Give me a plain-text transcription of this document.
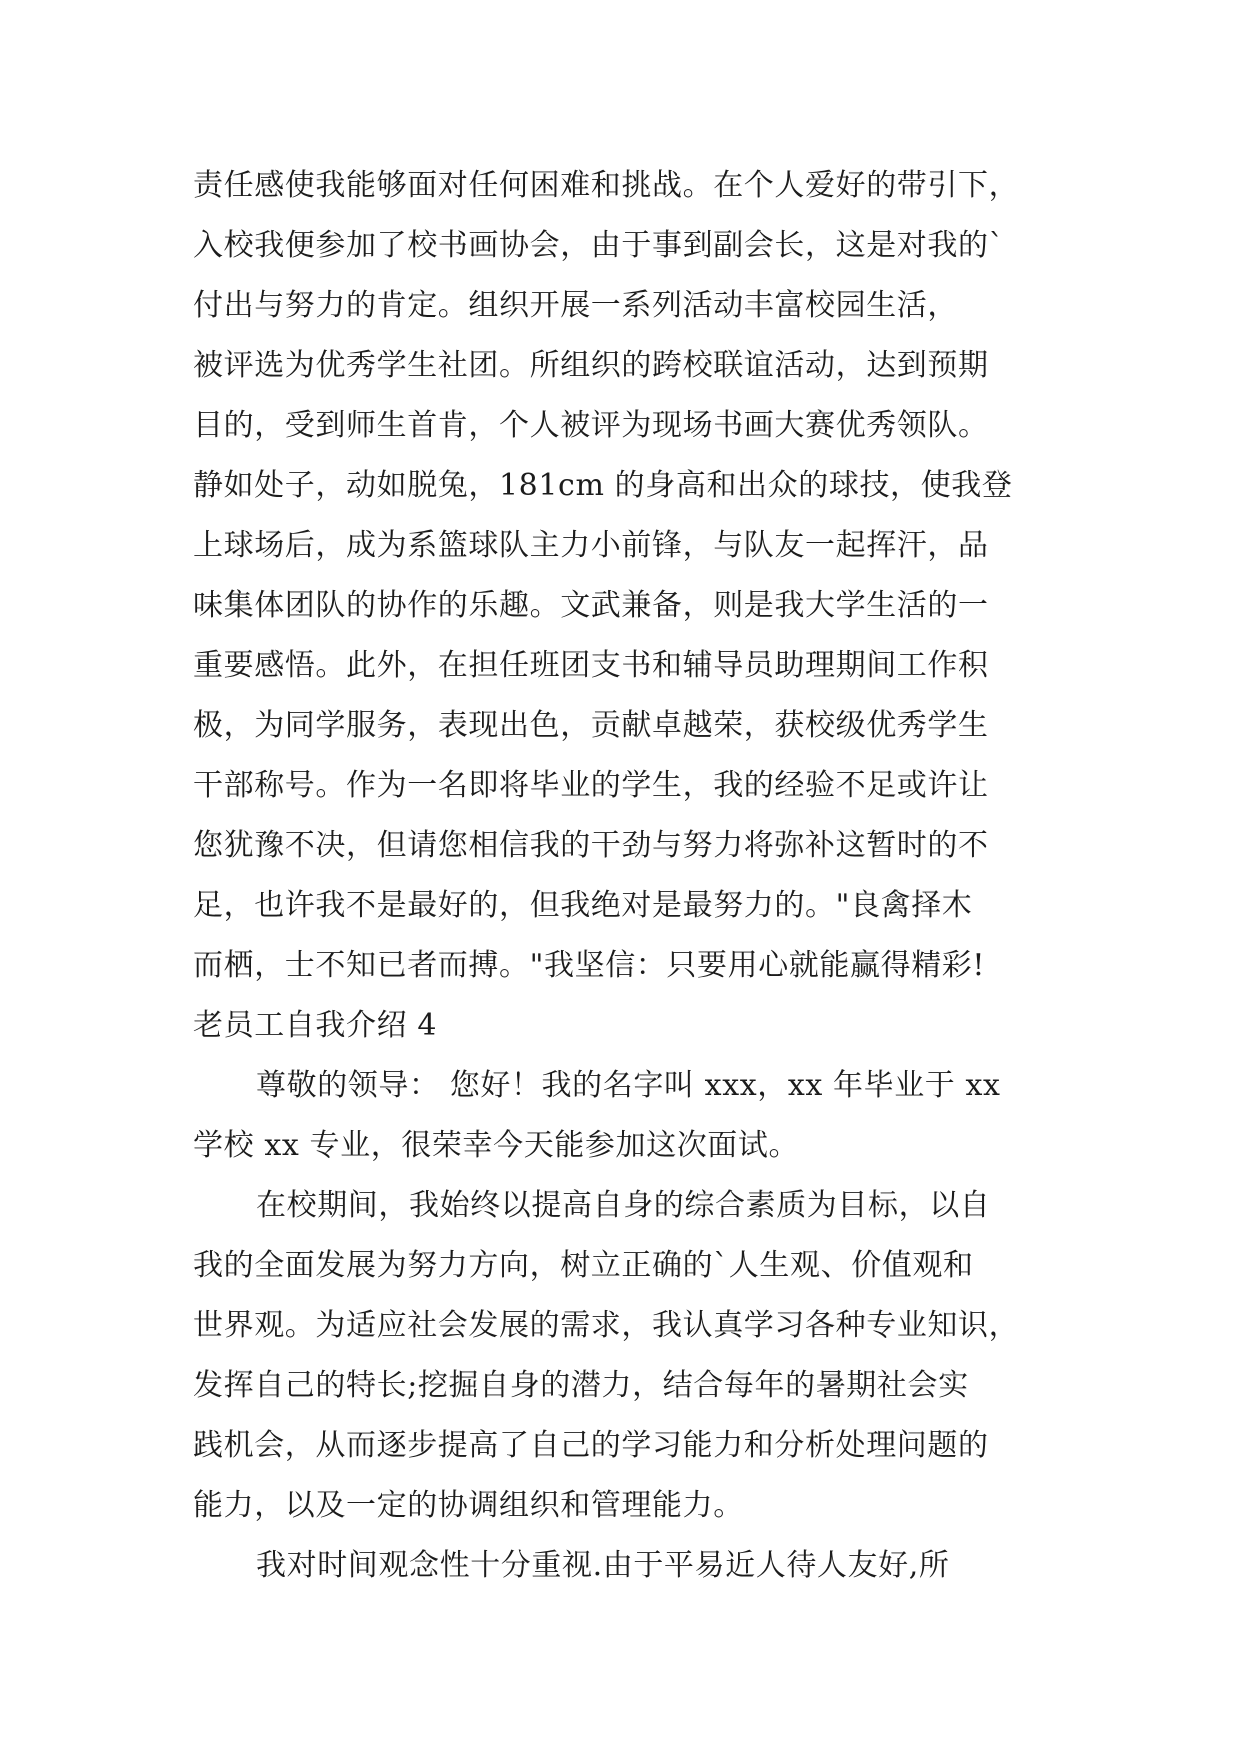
责任感使我能够面对任何困难和挑战。在个人爱好的带引下，
入校我便参加了校书画协会，由于事到副会长，这是对我的`
付出与努力的肯定。组织开展一系列活动丰富校园生活，
被评选为优秀学生社团。所组织的跨校联谊活动，达到预期
目的，受到师生首肯，个人被评为现场书画大赛优秀领队。
静如处子，动如脱兔，181cm 的身高和出众的球技，使我登
上球场后，成为系篮球队主力小前锋，与队友一起挥汗，品
味集体团队的协作的乐趣。文武兼备，则是我大学生活的一
重要感悟。此外，在担任班团支书和辅导员助理期间工作积
极，为同学服务，表现出色，贡献卓越荣，获校级优秀学生
干部称号。作为一名即将毕业的学生，我的经验不足或许让
您犹豫不决，但请您相信我的干劲与努力将弥补这暂时的不
足，也许我不是最好的，但我绝对是最努力的。"良禽择木
而栖，士不知已者而搏。"我坚信：只要用心就能赢得精彩!
老员工自我介绍 4
尊敬的领导： 您好！我的名字叫 xxx，xx 年毕业于 xx
学校 xx 专业，很荣幸今天能参加这次面试。
在校期间，我始终以提高自身的综合素质为目标，以自
我的全面发展为努力方向，树立正确的`人生观、价值观和
世界观。为适应社会发展的需求，我认真学习各种专业知识，
发挥自己的特长;挖掘自身的潜力，结合每年的暑期社会实
践机会，从而逐步提高了自己的学习能力和分析处理问题的
能力，以及一定的协调组织和管理能力。
我对时间观念性十分重视.由于平易近人待人友好,所
